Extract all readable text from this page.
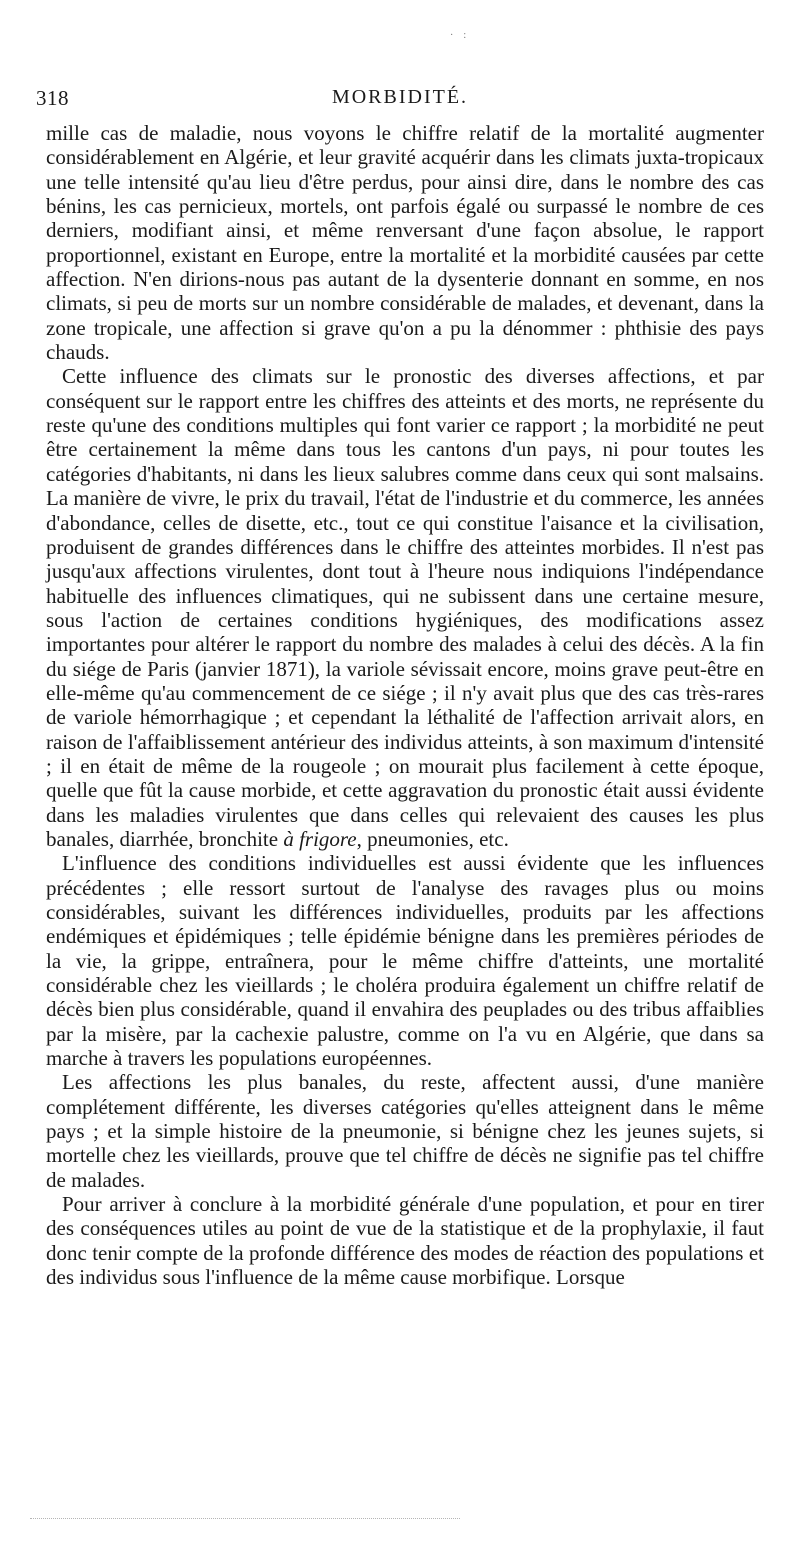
·    :
318	MORBIDITÉ.

mille cas de maladie, nous voyons le chiffre relatif de la mortalité augmenter considérablement en Algérie, et leur gravité acquérir dans les climats juxta-tropicaux une telle intensité qu'au lieu d'être perdus, pour ainsi dire, dans le nombre des cas bénins, les cas pernicieux, mortels, ont parfois égalé ou surpassé le nombre de ces derniers, modifiant ainsi, et même renversant d'une façon absolue, le rapport proportionnel, existant en Europe, entre la mortalité et la morbidité causées par cette affection. N'en dirions-nous pas autant de la dysenterie donnant en somme, en nos climats, si peu de morts sur un nombre considérable de malades, et devenant, dans la zone tropicale, une affection si grave qu'on a pu la dénommer : phthisie des pays chauds.

Cette influence des climats sur le pronostic des diverses affections, et par conséquent sur le rapport entre les chiffres des atteints et des morts, ne représente du reste qu'une des conditions multiples qui font varier ce rapport ; la morbidité ne peut être certainement la même dans tous les cantons d'un pays, ni pour toutes les catégories d'habitants, ni dans les lieux salubres comme dans ceux qui sont malsains. La manière de vivre, le prix du travail, l'état de l'industrie et du commerce, les années d'abondance, celles de disette, etc., tout ce qui constitue l'aisance et la civilisation, produisent de grandes différences dans le chiffre des atteintes morbides. Il n'est pas jusqu'aux affections virulentes, dont tout à l'heure nous indiquions l'indépendance habituelle des influences climatiques, qui ne subissent dans une certaine mesure, sous l'action de certaines conditions hygiéniques, des modifications assez importantes pour altérer le rapport du nombre des malades à celui des décès. A la fin du siége de Paris (janvier 1871), la variole sévissait encore, moins grave peut-être en elle-même qu'au commencement de ce siége ; il n'y avait plus que des cas très-rares de variole hémorrhagique ; et cependant la léthalité de l'affection arrivait alors, en raison de l'affaiblissement antérieur des individus atteints, à son maximum d'intensité ; il en était de même de la rougeole ; on mourait plus facilement à cette époque, quelle que fût la cause morbide, et cette aggravation du pronostic était aussi évidente dans les maladies virulentes que dans celles qui relevaient des causes les plus banales, diarrhée, bronchite à frigore, pneumonies, etc.

L'influence des conditions individuelles est aussi évidente que les influences précédentes ; elle ressort surtout de l'analyse des ravages plus ou moins considérables, suivant les différences individuelles, produits par les affections endémiques et épidémiques ; telle épidémie bénigne dans les premières périodes de la vie, la grippe, entraînera, pour le même chiffre d'atteints, une mortalité considérable chez les vieillards ; le choléra produira également un chiffre relatif de décès bien plus considérable, quand il envahira des peuplades ou des tribus affaiblies par la misère, par la cachexie palustre, comme on l'a vu en Algérie, que dans sa marche à travers les populations européennes.

Les affections les plus banales, du reste, affectent aussi, d'une manière complétement différente, les diverses catégories qu'elles atteignent dans le même pays ; et la simple histoire de la pneumonie, si bénigne chez les jeunes sujets, si mortelle chez les vieillards, prouve que tel chiffre de décès ne signifie pas tel chiffre de malades.

Pour arriver à conclure à la morbidité générale d'une population, et pour en tirer des conséquences utiles au point de vue de la statistique et de la prophylaxie, il faut donc tenir compte de la profonde différence des modes de réaction des populations et des individus sous l'influence de la même cause morbifique. Lorsque
